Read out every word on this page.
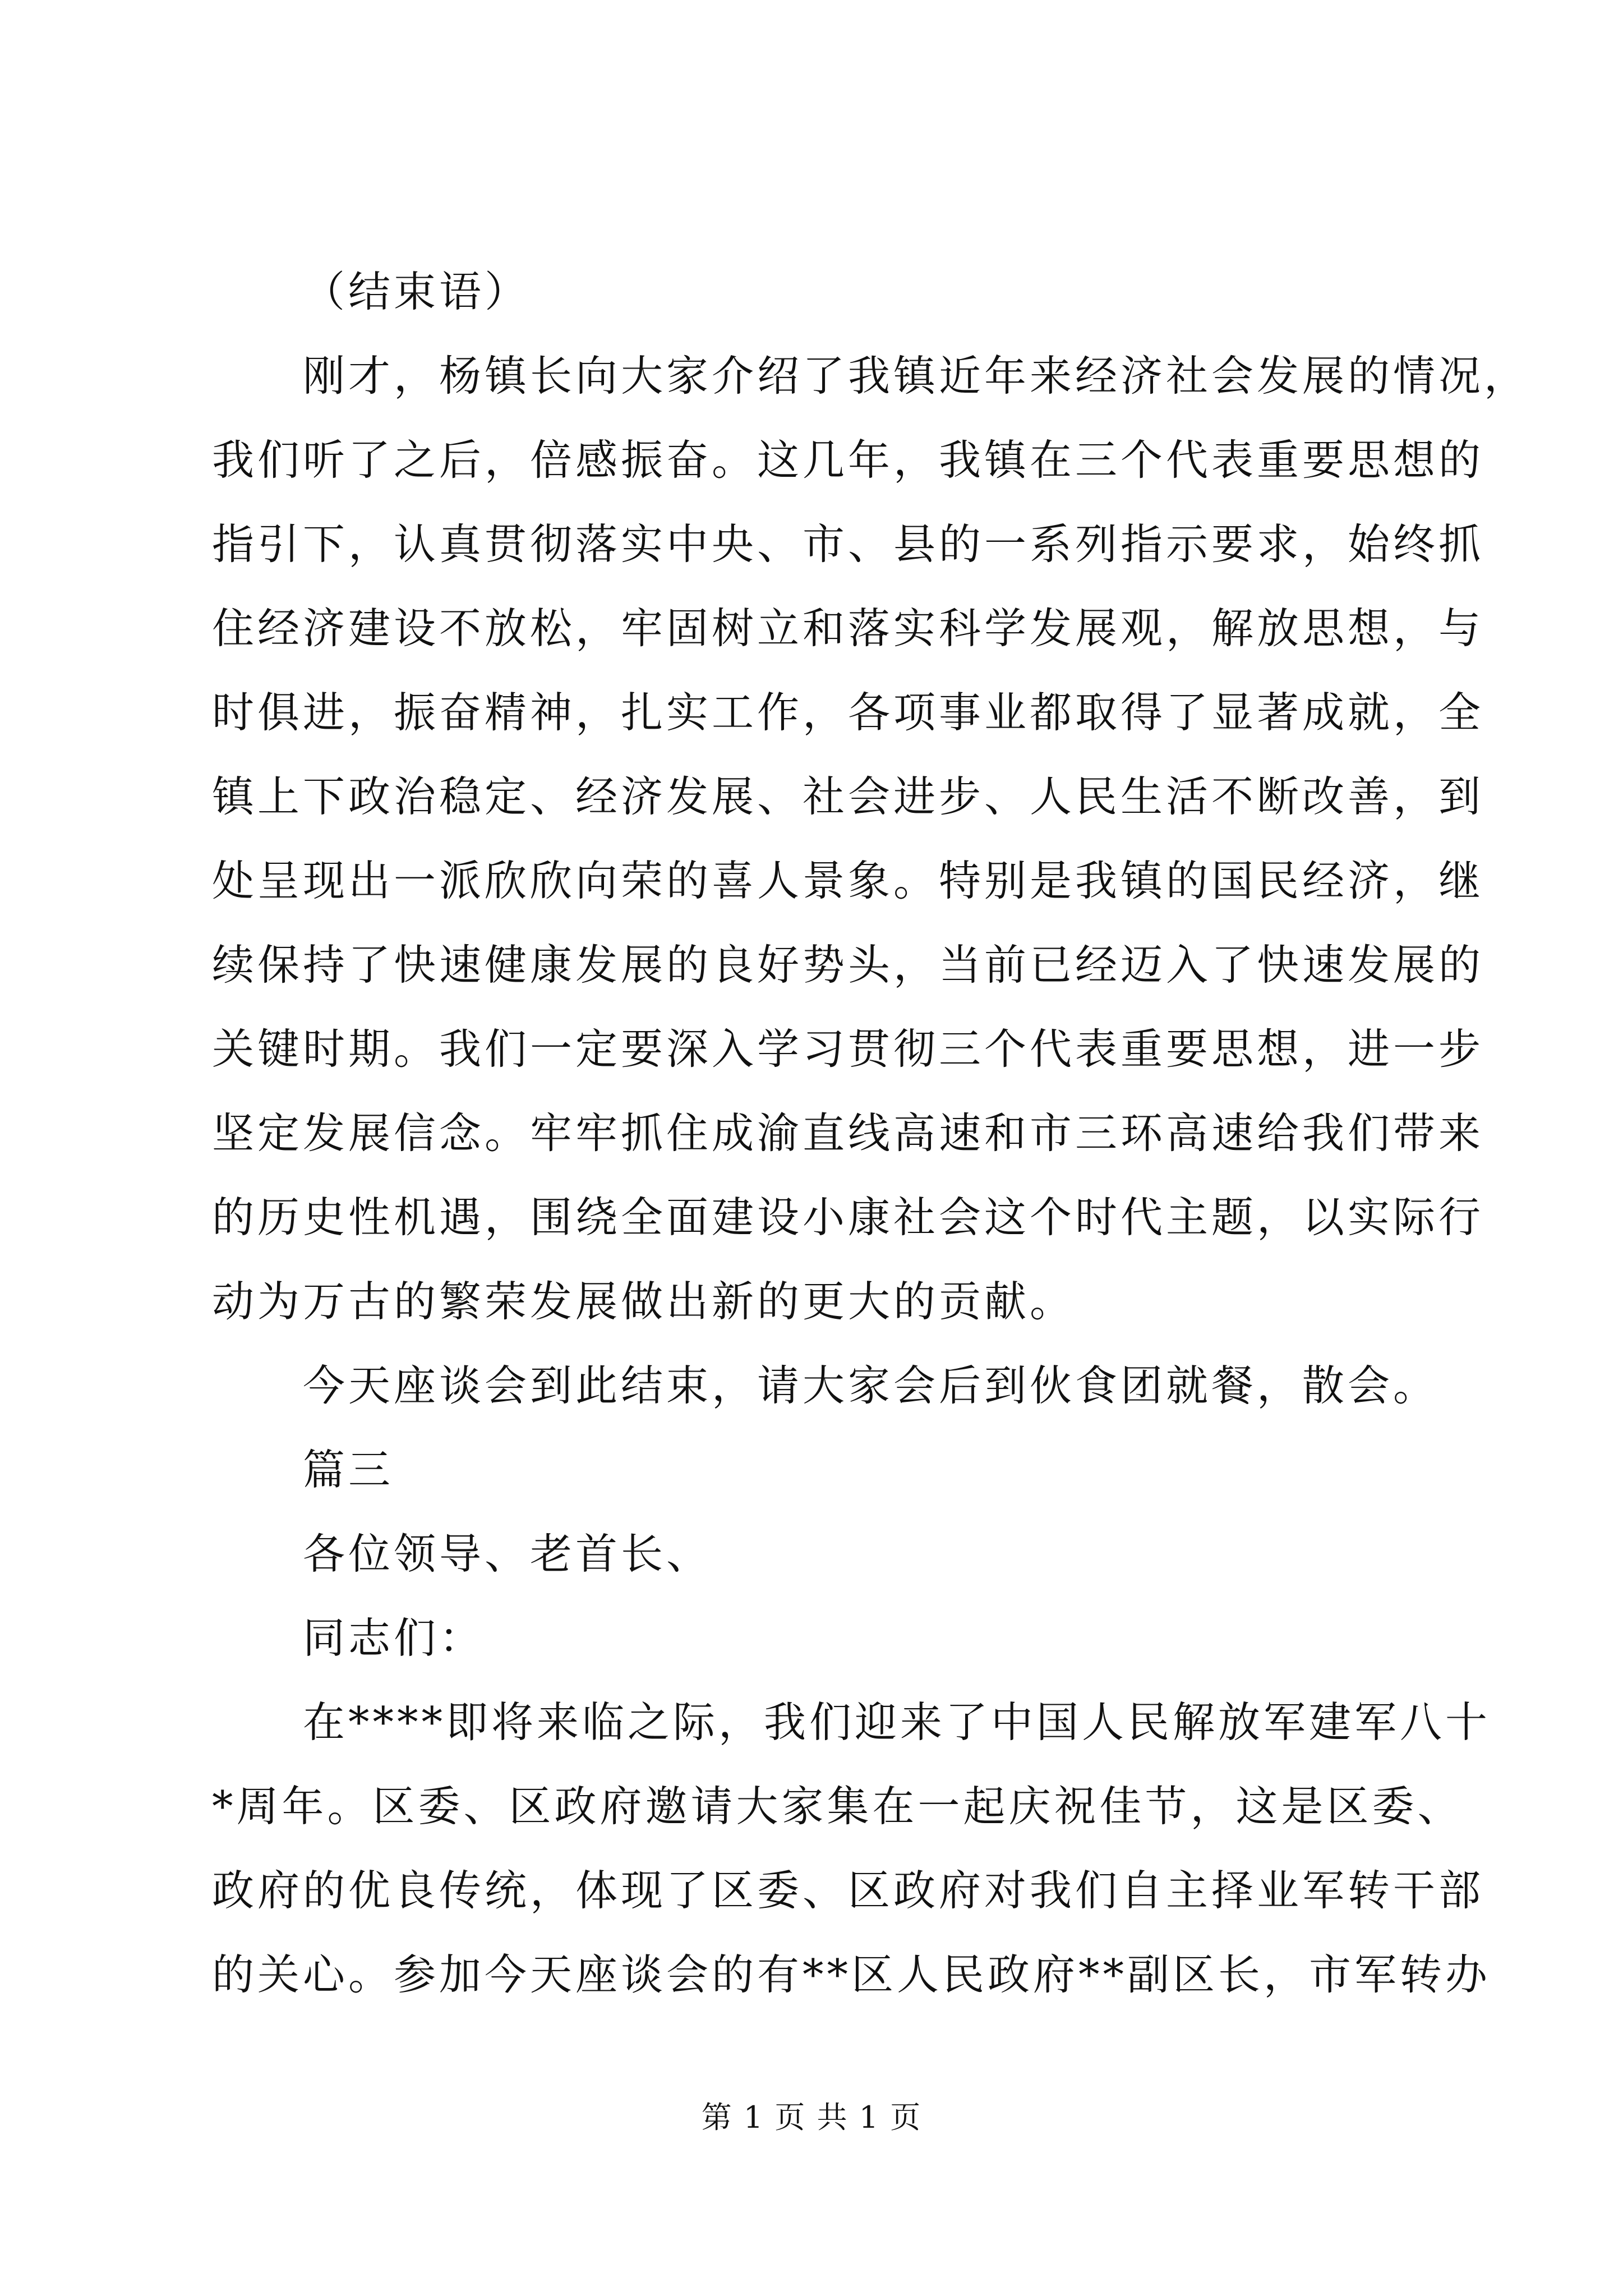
（结束语）
刚才，杨镇长向大家介绍了我镇近年来经济社会发展的情况，
我们听了之后，倍感振奋。这几年，我镇在三个代表重要思想的
指引下，认真贯彻落实中央、市、县的一系列指示要求，始终抓
住经济建设不放松，牢固树立和落实科学发展观，解放思想，与
时俱进，振奋精神，扎实工作，各项事业都取得了显著成就，全
镇上下政治稳定、经济发展、社会进步、人民生活不断改善，到
处呈现出一派欣欣向荣的喜人景象。特别是我镇的国民经济，继
续保持了快速健康发展的良好势头，当前已经迈入了快速发展的
关键时期。我们一定要深入学习贯彻三个代表重要思想，进一步
坚定发展信念。牢牢抓住成渝直线高速和市三环高速给我们带来
的历史性机遇，围绕全面建设小康社会这个时代主题，以实际行
动为万古的繁荣发展做出新的更大的贡献。
今天座谈会到此结束，请大家会后到伙食团就餐，散会。
篇三
各位领导、老首长、
同志们：
在****即将来临之际，我们迎来了中国人民解放军建军八十
*周年。区委、区政府邀请大家集在一起庆祝佳节，这是区委、
政府的优良传统，体现了区委、区政府对我们自主择业军转干部
的关心。参加今天座谈会的有**区人民政府**副区长，市军转办
第 1 页 共 1 页
